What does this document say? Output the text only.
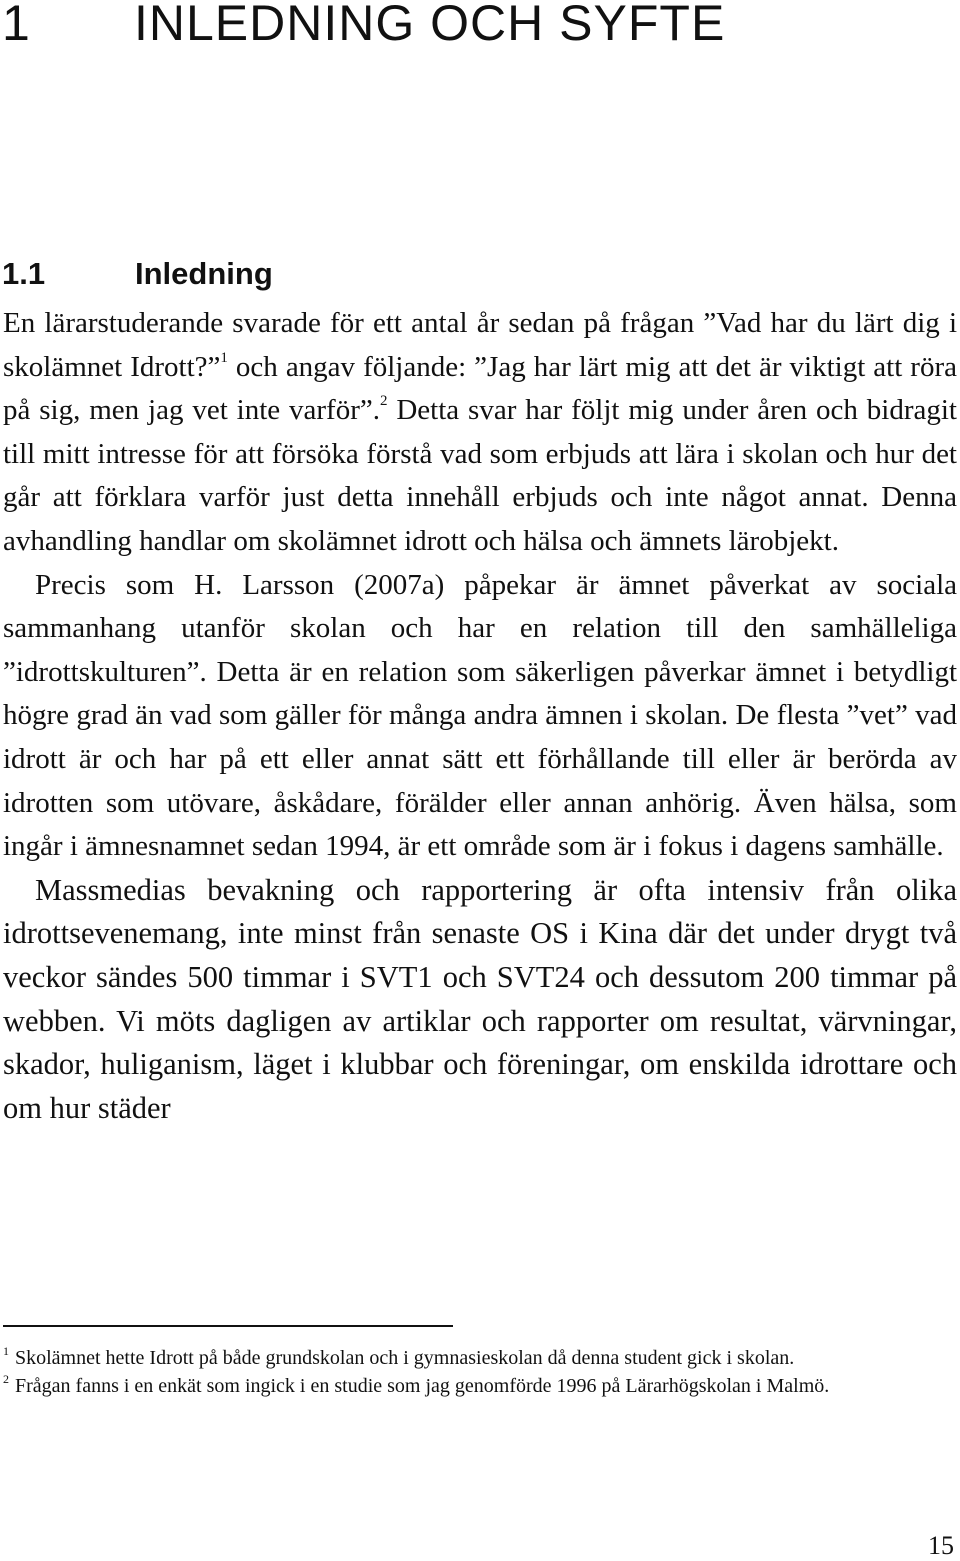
1 INLEDNING OCH SYFTE
1.1	Inledning

En lärarstuderande svarade för ett antal år sedan på frågan ”Vad har du lärt dig i skolämnet Idrott?”$^1$ och angav följande: ”Jag har lärt mig att det är viktigt att röra på sig, men jag vet inte varför”.$^2$ Detta svar har följt mig under åren och bidragit till mitt intresse för att försöka förstå vad som erbjuds att lära i skolan och hur det går att förklara varför just detta innehåll erbjuds och inte något annat. Denna avhandling handlar om skolämnet idrott och hälsa och ämnets lärobjekt.

Precis som H. Larsson (2007a) påpekar är ämnet påverkat av sociala sammanhang utanför skolan och har en relation till den samhälleliga ”idrottskulturen”. Detta är en relation som säkerligen påverkar ämnet i betydligt högre grad än vad som gäller för många andra ämnen i skolan. De flesta ”vet” vad idrott är och har på ett eller annat sätt ett förhållande till eller är berörda av idrotten som utövare, åskådare, förälder eller annan anhörig. Även hälsa, som ingår i ämnesnamnet sedan 1994, är ett område som är i fokus i dagens samhälle.

Massmedias bevakning och rapportering är ofta intensiv från olika idrottsevenemang, inte minst från senaste OS i Kina där det under drygt två veckor sändes 500 timmar i SVT1 och SVT24 och dessutom 200 timmar på webben. Vi möts dagligen av artiklar och rapporter om resultat, värvningar, skador, huliganism, läget i klubbar och föreningar, om enskilda idrottare och om hur städer

$^1$ Skolämnet hette Idrott på både grundskolan och i gymnasieskolan då denna student gick i skolan.

$^2$ Frågan fanns i en enkät som ingick i en studie som jag genomförde 1996 på Lärarhögskolan i Malmö.

15
